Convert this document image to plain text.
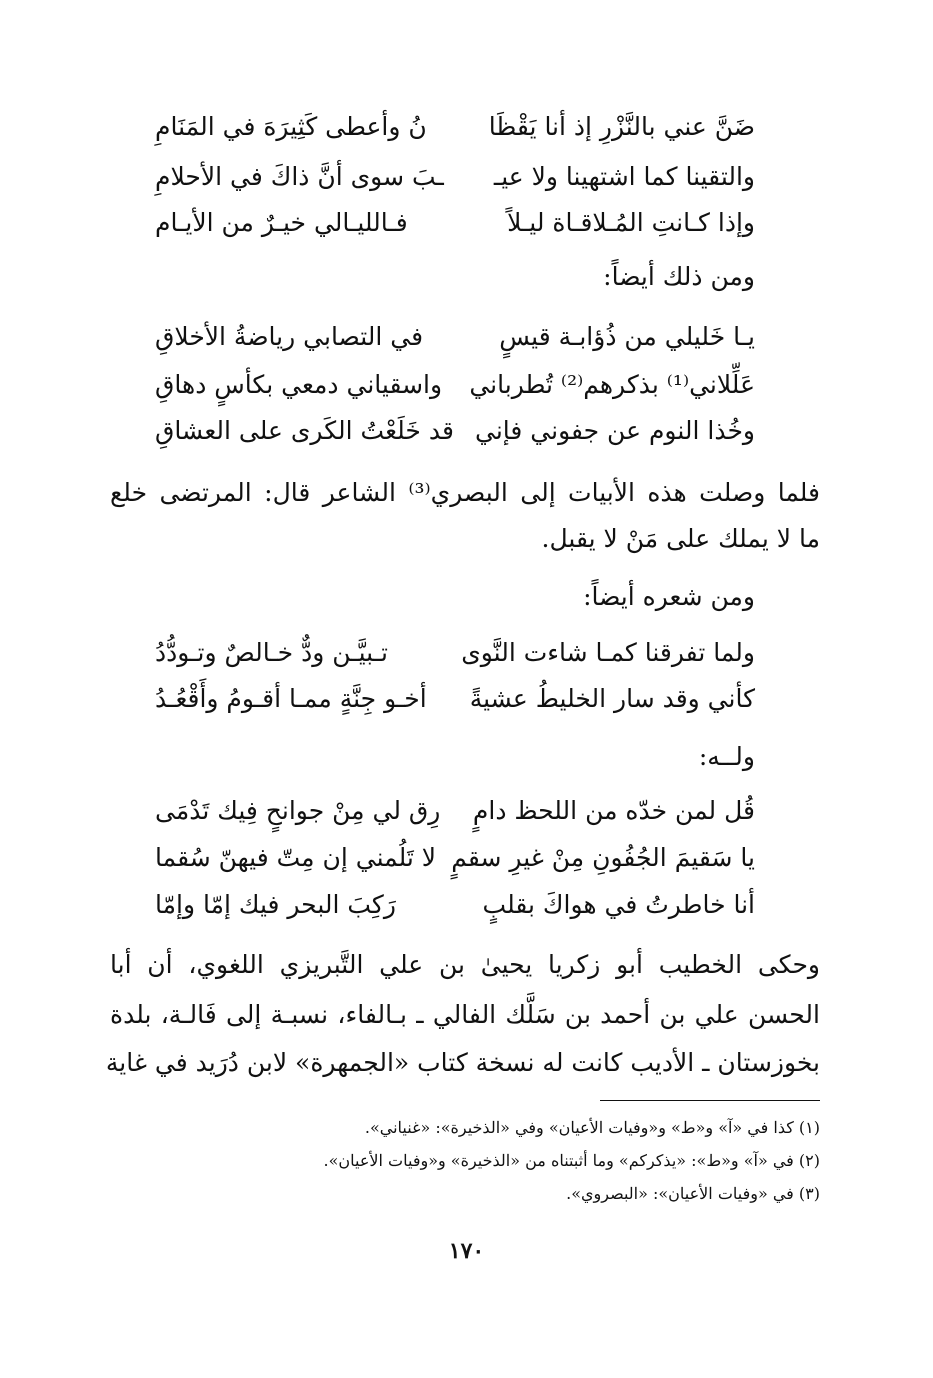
ضَنَّ عني بالنَّزْرِ إذ أنا يَقْظَا
نُ وأعطى كَثِيرَهَ في المَنَامِ
والتقينا كما اشتهينا ولا عيـ
ـبَ سوى أنَّ ذاكَ في الأحلامِ
وإذا كـانتِ المُـلاقـاة ليـلاً
فـالليـالي خيـرٌ من الأيـام
ومن ذلك أيضاً:
يـا خَليلي من ذُؤابـة قيسٍ
في التصابي رياضةُ الأخلاقِ
عَلِّلاني⁽¹⁾ بذكرهم⁽²⁾ تُطرباني
واسقياني دمعي بكأسٍ دهاقِ
وخُذا النوم عن جفوني فإني
قد خَلَعْتُ الكَرى على العشاقِ
فلما وصلت هذه الأبيات إلى البصري⁽³⁾ الشاعر قال: المرتضى خلع
ما لا يملك على مَنْ لا يقبل.
ومن شعره أيضاً:
ولما تفرقنا كمـا شاءت النَّوى
تـبيَّـن ودٌّ خـالصٌ وتـودُّدُ
كأني وقد سار الخليطُ عشيةً
أخـو جِنَّةٍ ممـا أقـومُ وأَقْعُـدُ
ولــه:
قُل لمن خدّه من اللحظ دامٍ
رِق لي مِنْ جوانحٍ فِيك تَدْمَى
يا سَقيمَ الجُفُونِ مِنْ غيرِ سقمٍ
لا تَلُمني إن مِتّ فيهنّ سُقما
أنا خاطرتُ في هواكَ بقلبٍ
رَكِبَ البحر فيك إمّا وإمّا
وحكى الخطيب أبو زكريا يحيىٰ بن علي التَّبريزي اللغوي، أن أبا
الحسن علي بن أحمد بن سَلَّك الفالي ـ بـالفاء، نسبـة إلى فَالـة، بلدة
بخوزستان ـ الأديب كانت له نسخة كتاب «الجمهرة» لابن دُرَيد في غاية
(١) كذا في «آ» و«ط» و«وفيات الأعيان» وفي «الذخيرة»: «غنياني».
(٢) في «آ» و«ط»: «يذكركم» وما أثبتناه من «الذخيرة» و«وفيات الأعيان».
(٣) في «وفيات الأعيان»: «البصروي».
١٧٠
